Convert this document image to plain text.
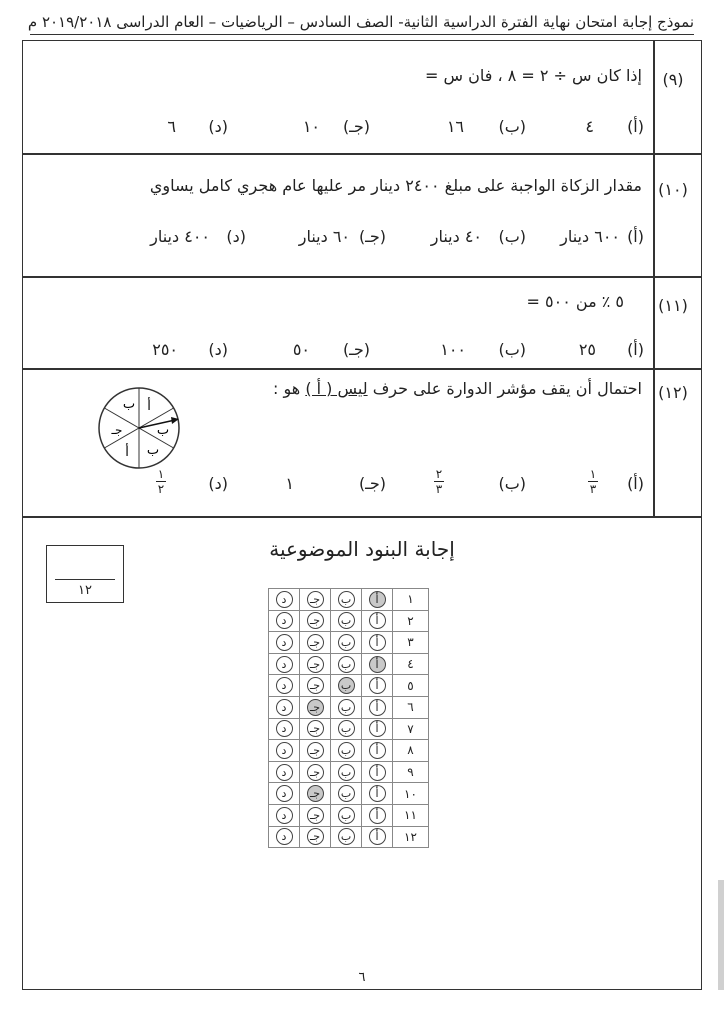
نموذج إجابة امتحان نهاية الفترة الدراسية الثانية- الصف السادس – الرياضيات – العام الدراسى ٢٠١٩/٢٠١٨ م
(٩)
إذا كان س ÷ ٢ = ٨ ، فان س =
(أ)
٤
(ب)
١٦
(جـ)
١٠
(د)
٦
(١٠)
مقدار الزكاة الواجبة على مبلغ ٢٤٠٠ دينار مر عليها عام هجري كامل يساوي
(أ)
٦٠٠ دينار
(ب)
٤٠ دينار
(جـ)
٦٠ دينار
(د)
٤٠٠ دينار
(١١)
٥ ٪ من ٥٠٠ =
(أ)
٢٥
(ب)
١٠٠
(جـ)
٥٠
(د)
٢٥٠
(١٢)
احتمال أن يقف مؤشر الدوارة على حرف ليس ( أ ) هو :
أ
ب
ب
أ ب
جـ
(أ)
$\frac{١}{٣}$
(ب)
$\frac{٢}{٣}$
(جـ)
١
(د)
$\frac{١}{٢}$
إجابة البنود الموضوعية
١٢
١	أ	ب	جـ	د
٢	أ	ب	جـ	د
٣	أ	ب	جـ	د
٤	أ	ب	جـ	د
٥	أ	ب	جـ	د
٦	أ	ب	جـ	د
٧	أ	ب	جـ	د
٨	أ	ب	جـ	د
٩	أ	ب	جـ	د
١٠	أ	ب	جـ	د
١١	أ	ب	جـ	د
١٢	أ	ب	جـ	د
٦
